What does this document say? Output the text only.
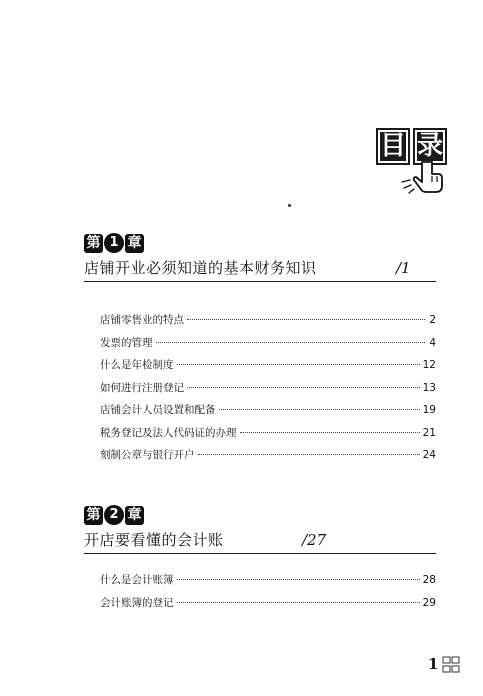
目 录
第 1 章
店铺开业必须知道的基本财务知识	/1
店铺零售业的特点	2
发票的管理	4
什么是年检制度	12
如何进行注册登记	13
店铺会计人员设置和配备	19
税务登记及法人代码证的办理	21
刻制公章与银行开户	24
第 2 章
开店要看懂的会计账	/27
什么是会计账簿	28
会计账簿的登记	29
1
